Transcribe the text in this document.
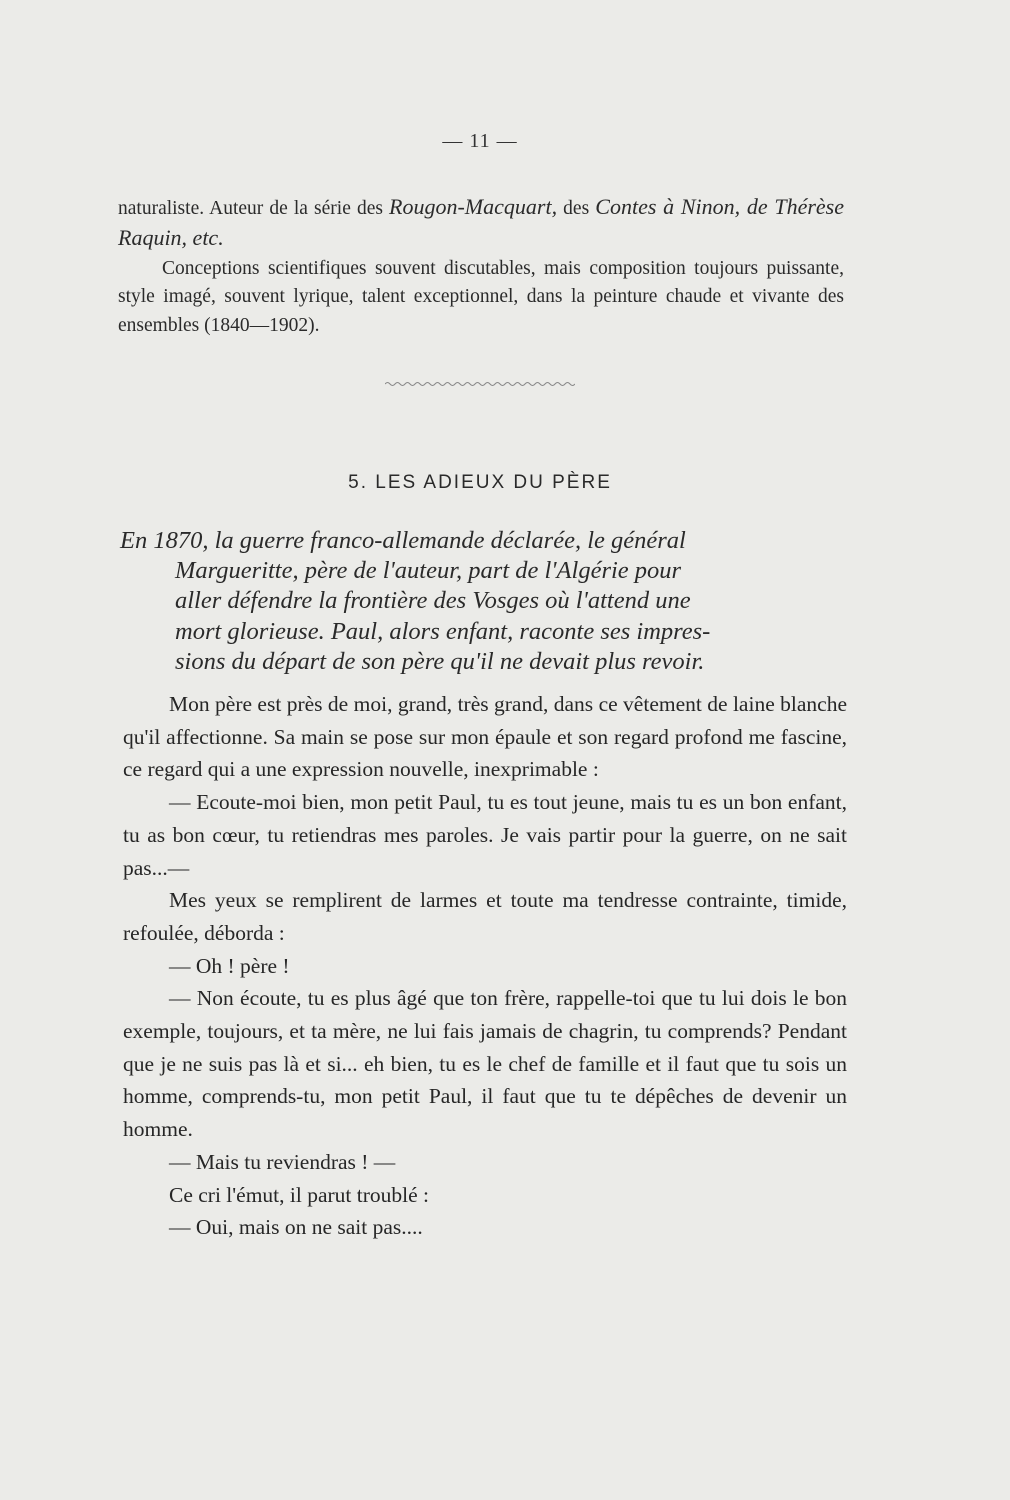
— 11 —

naturaliste. Auteur de la série des Rougon-Macquart, des Contes à Ninon, de Thérèse Raquin, etc.

Conceptions scientifiques souvent discutables, mais composition toujours puissante, style imagé, souvent lyrique, talent exceptionnel, dans la peinture chaude et vivante des ensembles (1840—1902).

5. LES ADIEUX DU PÈRE
En 1870, la guerre franco-allemande déclarée, le général
Margueritte, père de l'auteur, part de l'Algérie pour
aller défendre la frontière des Vosges où l'attend une
mort glorieuse. Paul, alors enfant, raconte ses impres-
sions du départ de son père qu'il ne devait plus revoir.

Mon père est près de moi, grand, très grand, dans ce vêtement de laine blanche qu'il affectionne. Sa main se pose sur mon épaule et son regard profond me fascine, ce regard qui a une expression nouvelle, inexprimable :

— Ecoute-moi bien, mon petit Paul, tu es tout jeune, mais tu es un bon enfant, tu as bon cœur, tu retiendras mes paroles. Je vais partir pour la guerre, on ne sait pas...—

Mes yeux se remplirent de larmes et toute ma tendresse contrainte, timide, refoulée, déborda :

— Oh ! père !

— Non écoute, tu es plus âgé que ton frère, rappelle-toi que tu lui dois le bon exemple, toujours, et ta mère, ne lui fais jamais de chagrin, tu comprends? Pendant que je ne suis pas là et si... eh bien, tu es le chef de famille et il faut que tu sois un homme, comprends-tu, mon petit Paul, il faut que tu te dépêches de devenir un homme.

— Mais tu reviendras ! —

Ce cri l'émut, il parut troublé :

— Oui, mais on ne sait pas....
